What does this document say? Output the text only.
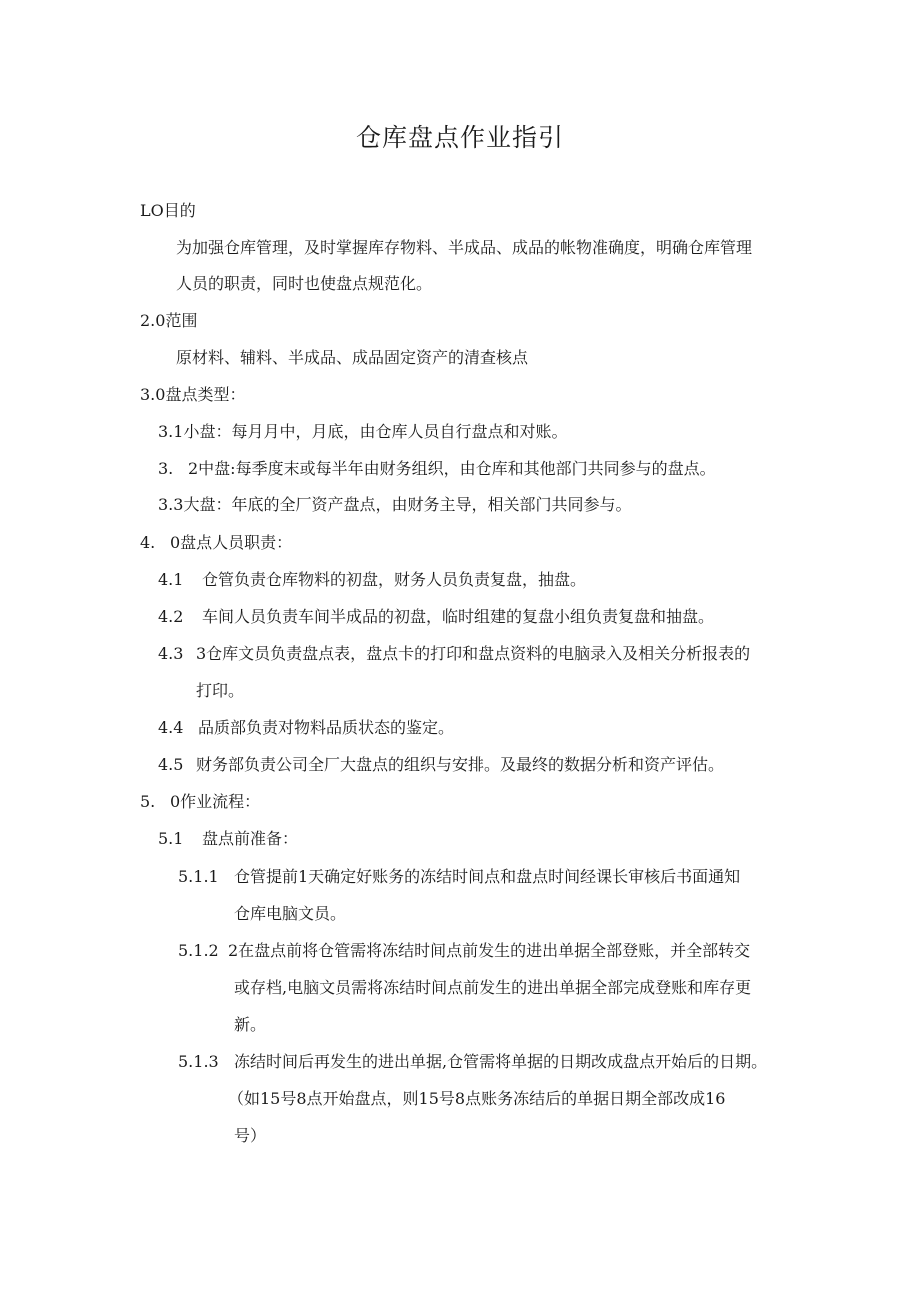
仓库盘点作业指引
LO目的
为加强仓库管理，及时掌握库存物料、半成品、成品的帐物准确度，明确仓库管理
人员的职责，同时也使盘点规范化。
2.0范围
原材料、辅料、半成品、成品固定资产的清查核点
3.0盘点类型：
3.1小盘：每月月中，月底，由仓库人员自行盘点和对账。
3. 2中盘:每季度末或每半年由财务组织，由仓库和其他部门共同参与的盘点。
3.3大盘：年底的全厂资产盘点，由财务主导，相关部门共同参与。
4. 0盘点人员职责：
4.1 仓管负责仓库物料的初盘，财务人员负责复盘，抽盘。
4.2 车间人员负责车间半成品的初盘，临时组建的复盘小组负责复盘和抽盘。
4.3 3仓库文员负责盘点表，盘点卡的打印和盘点资料的电脑录入及相关分析报表的
打印。
4.4 品质部负责对物料品质状态的鉴定。
4.5 财务部负责公司全厂大盘点的组织与安排。及最终的数据分析和资产评估。
5. 0作业流程：
5.1 盘点前准备：
5.1.1 仓管提前1天确定好账务的冻结时间点和盘点时间经课长审核后书面通知
仓库电脑文员。
5.1.2 2在盘点前将仓管需将冻结时间点前发生的进出单据全部登账，并全部转交
或存档,电脑文员需将冻结时间点前发生的进出单据全部完成登账和库存更
新。
5.1.3 冻结时间后再发生的进出单据,仓管需将单据的日期改成盘点开始后的日期。
（如15号8点开始盘点，则15号8点账务冻结后的单据日期全部改成16
号）
